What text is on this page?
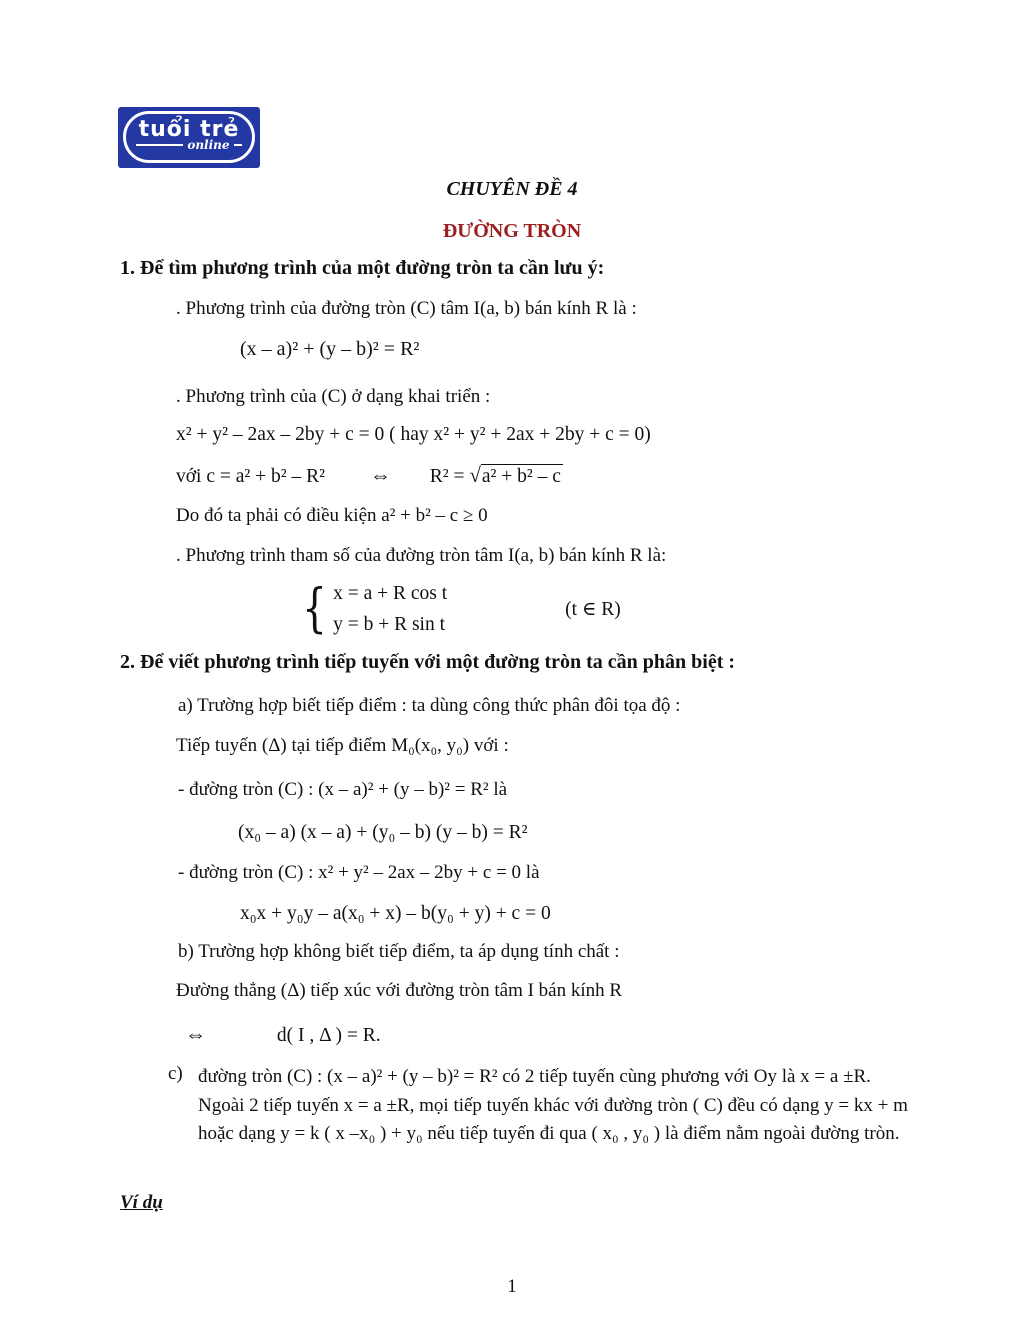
tuổi trẻ
online
CHUYÊN ĐỀ 4
ĐƯỜNG TRÒN
1. Để tìm phương trình của một đường tròn ta cần lưu ý:
. Phương trình của đường tròn (C) tâm I(a, b) bán kính R là :
(x – a)² + (y – b)² = R²
. Phương trình của (C) ở dạng khai triển :
x² + y² – 2ax – 2by + c = 0 ( hay x² + y² + 2ax + 2by + c = 0)
với c = a² + b² – R² ⇔ R² = √a² + b² – c
Do đó ta phải có điều kiện a² + b² – c ≥ 0
. Phương trình tham số của đường tròn tâm I(a, b) bán kính R là:
{ x = a + R cos t
y = b + R sin t
(t ∈ R)
2. Để viết phương trình tiếp tuyến với một đường tròn ta cần phân biệt :
a) Trường hợp biết tiếp điểm : ta dùng công thức phân đôi tọa độ :
Tiếp tuyến (Δ) tại tiếp điểm M₀(x₀, y₀) với :
- đường tròn (C) : (x – a)² + (y – b)² = R² là
(x₀ – a) (x – a) + (y₀ – b) (y – b) = R²
- đường tròn (C) : x² + y² – 2ax – 2by + c = 0 là
x₀x + y₀y – a(x₀ + x) – b(y₀ + y) + c = 0
b) Trường hợp không biết tiếp điểm, ta áp dụng tính chất :
Đường thẳng (Δ) tiếp xúc với đường tròn tâm I bán kính R
⇔	d( I , Δ ) = R.
c) đường tròn (C) : (x – a)² + (y – b)² = R² có 2 tiếp tuyến cùng phương với Oy là x = a ±R. Ngoài 2 tiếp tuyến x = a ±R, mọi tiếp tuyến khác với đường tròn ( C) đều có dạng y = kx + m hoặc dạng y = k ( x –x₀ ) + y₀ nếu tiếp tuyến đi qua ( x₀ , y₀ ) là điểm nằm ngoài đường tròn.
Ví dụ
1
